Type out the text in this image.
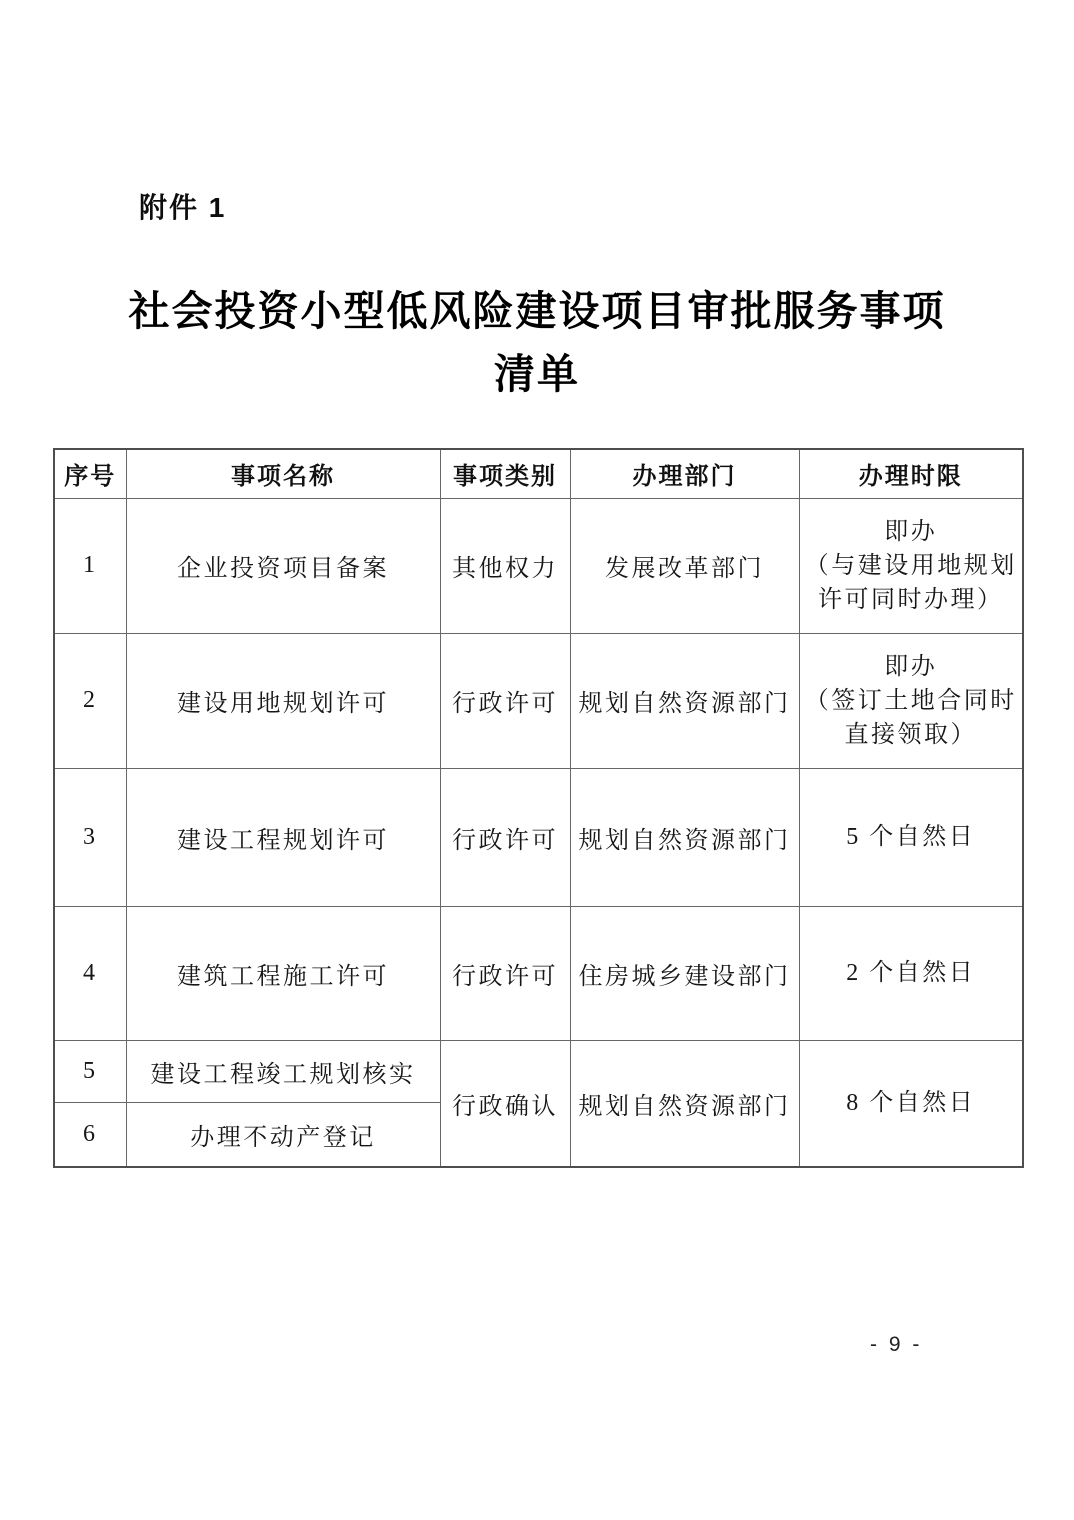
附件 1
社会投资小型低风险建设项目审批服务事项
清单
序号	事项名称	事项类别	办理部门	办理时限
1	企业投资项目备案	其他权力	发展改革部门	即办
（与建设用地规划
许可同时办理）

2	建设用地规划许可	行政许可	规划自然资源部门	即办
（签订土地合同时
直接领取）

3	建设工程规划许可	行政许可	规划自然资源部门	5 个自然日

4	建筑工程施工许可	行政许可	住房城乡建设部门	2 个自然日

5	建设工程竣工规划核实	行政确认	规划自然资源部门	8 个自然日

6	办理不动产登记			
- 9 -
